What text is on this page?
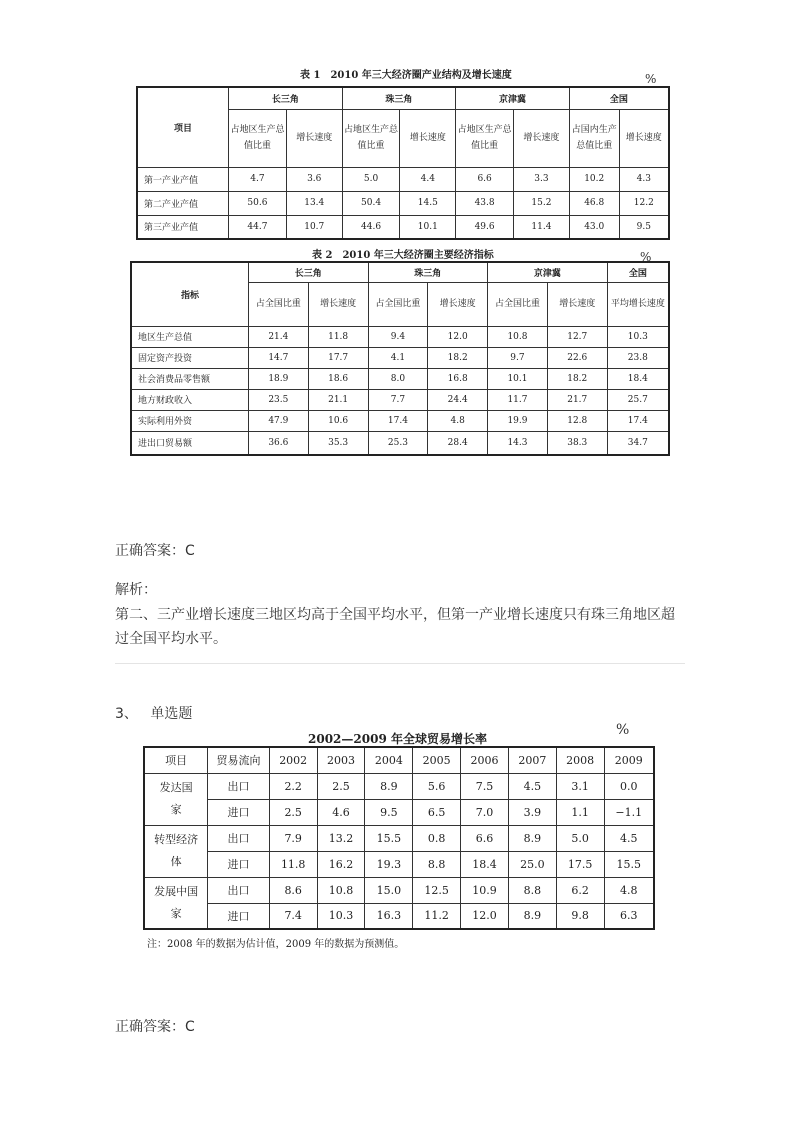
表 1　2010 年三大经济圈产业结构及增长速度	%
项目	长三角		珠三角		京津冀		全国	
	占地区生产总值比重	增长速度	占地区生产总值比重	增长速度	占地区生产总值比重	增长速度	占国内生产总值比重	增长速度
第一产业产值	4.7	3.6	5.0	4.4	6.6	3.3	10.2	4.3
第二产业产值	50.6	13.4	50.4	14.5	43.8	15.2	46.8	12.2
第三产业产值	44.7	10.7	44.6	10.1	49.6	11.4	43.0	9.5
表 2　2010 年三大经济圈主要经济指标	%
指标	长三角		珠三角		京津冀		全国
	占全国比重	增长速度	占全国比重	增长速度	占全国比重	增长速度	平均增长速度
地区生产总值	21.4	11.8	9.4	12.0	10.8	12.7	10.3
固定资产投资	14.7	17.7	4.1	18.2	9.7	22.6	23.8
社会消费品零售额	18.9	18.6	8.0	16.8	10.1	18.2	18.4
地方财政收入	23.5	21.1	7.7	24.4	11.7	21.7	25.7
实际利用外资	47.9	10.6	17.4	4.8	19.9	12.8	17.4
进出口贸易额	36.6	35.3	25.3	28.4	14.3	38.3	34.7
正确答案：C
解析：
第二、三产业增长速度三地区均高于全国平均水平，但第一产业增长速度只有珠三角地区超过全国平均水平。
3、 单选题
2002—2009 年全球贸易增长率
%
项目	贸易流向	2002	2003	2004	2005	2006	2007	2008	2009
发达国家	出口	2.2	2.5	8.9	5.6	7.5	4.5	3.1	0.0
	进口	2.5	4.6	9.5	6.5	7.0	3.9	1.1	−1.1
转型经济体	出口	7.9	13.2	15.5	0.8	6.6	8.9	5.0	4.5
	进口	11.8	16.2	19.3	8.8	18.4	25.0	17.5	15.5
发展中国家	出口	8.6	10.8	15.0	12.5	10.9	8.8	6.2	4.8
	进口	7.4	10.3	16.3	11.2	12.0	8.9	9.8	6.3
注：2008 年的数据为估计值，2009 年的数据为预测值。
正确答案：C
